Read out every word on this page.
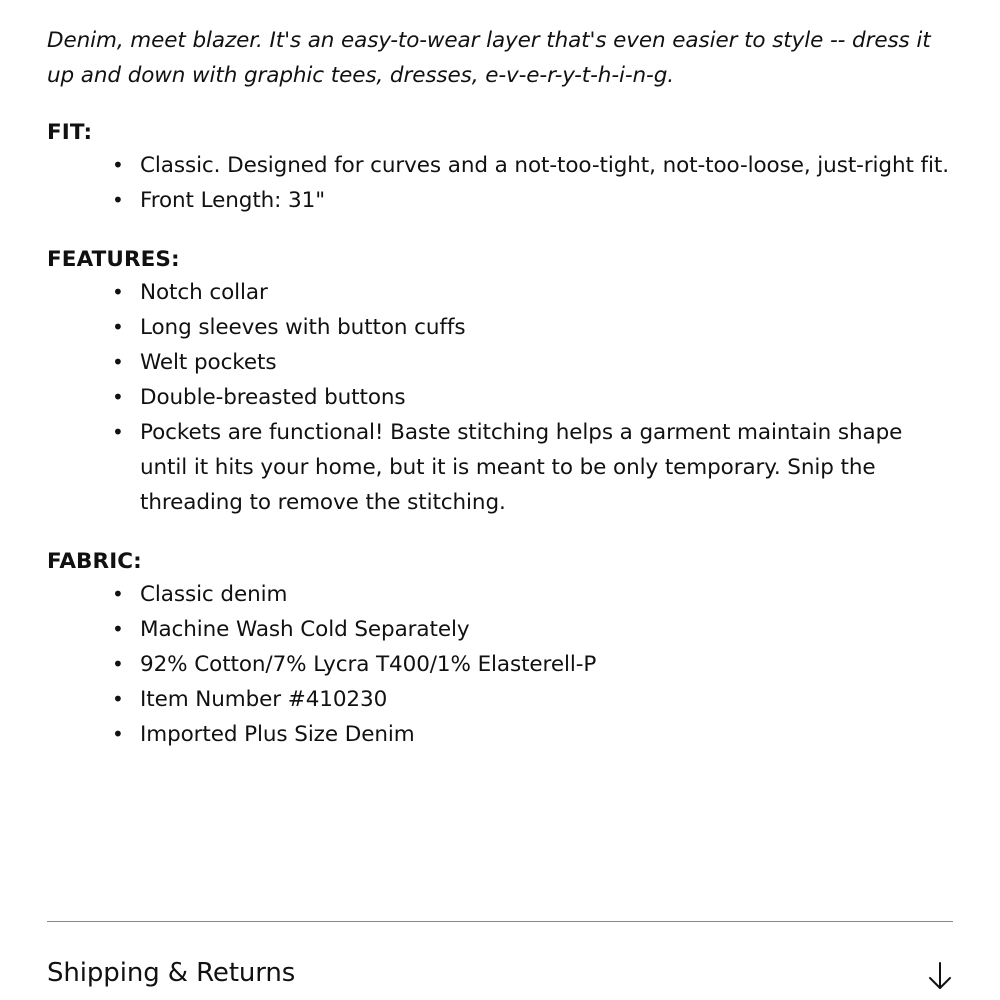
Denim, meet blazer. It's an easy-to-wear layer that's even easier to style -- dress it up and down with graphic tees, dresses, e-v-e-r-y-t-h-i-n-g.

FIT:
• Classic. Designed for curves and a not-too-tight, not-too-loose, just-right fit.
• Front Length: 31"
FEATURES:
• Notch collar
• Long sleeves with button cuffs
• Welt pockets
• Double-breasted buttons
• Pockets are functional! Baste stitching helps a garment maintain shape until it hits your home, but it is meant to be only temporary. Snip the threading to remove the stitching.
FABRIC:
• Classic denim
• Machine Wash Cold Separately
• 92% Cotton/7% Lycra T400/1% Elasterell-P
• Item Number #410230
• Imported Plus Size Denim
Shipping & Returns
